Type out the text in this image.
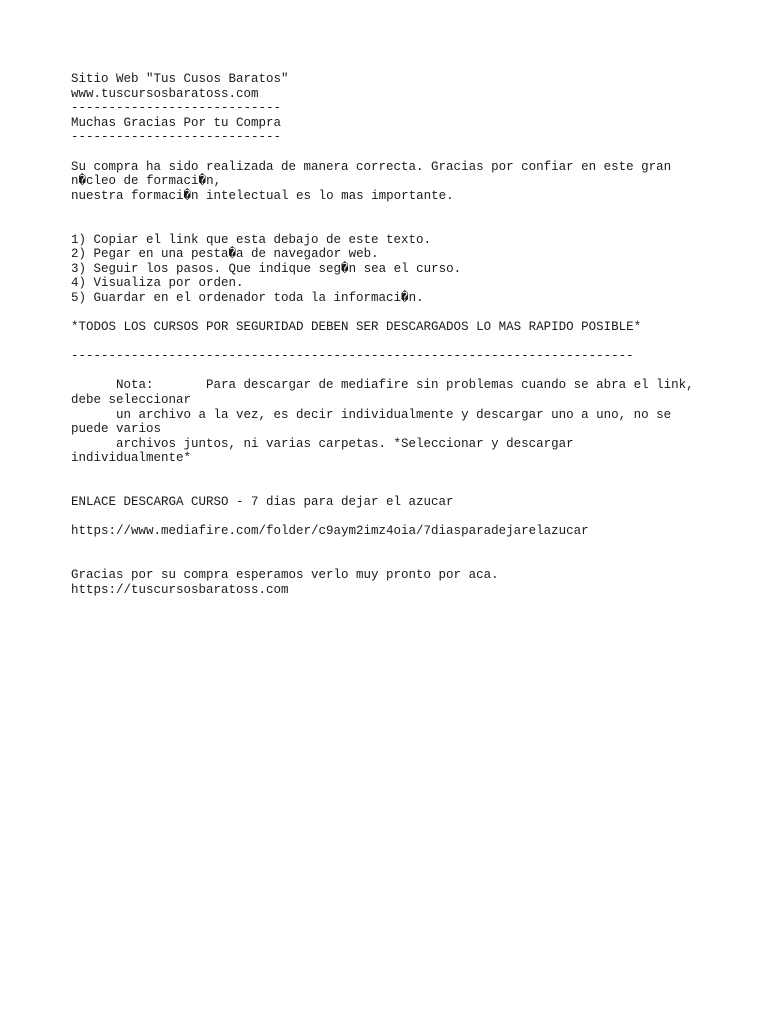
Sitio Web "Tus Cusos Baratos"
www.tuscursosbaratoss.com
----------------------------
Muchas Gracias Por tu Compra
----------------------------
Su compra ha sido realizada de manera correcta. Gracias por confiar en este gran
n�cleo de formaci�n,
nuestra formaci�n intelectual es lo mas importante.
1) Copiar el link que esta debajo de este texto.
2) Pegar en una pesta�a de navegador web.
3) Seguir los pasos. Que indique seg�n sea el curso.
4) Visualiza por orden.
5) Guardar en el ordenador toda la informaci�n.
*TODOS LOS CURSOS POR SEGURIDAD DEBEN SER DESCARGADOS LO MAS RAPIDO POSIBLE*
---------------------------------------------------------------------------
Nota:       Para descargar de mediafire sin problemas cuando se abra el link,
debe seleccionar
un archivo a la vez, es decir individualmente y descargar uno a uno, no se
puede varios
archivos juntos, ni varias carpetas. *Seleccionar y descargar
individualmente*
ENLACE DESCARGA CURSO - 7 dias para dejar el azucar
https://www.mediafire.com/folder/c9aym2imz4oia/7diasparadejarelazucar
Gracias por su compra esperamos verlo muy pronto por aca.
https://tuscursosbaratoss.com
